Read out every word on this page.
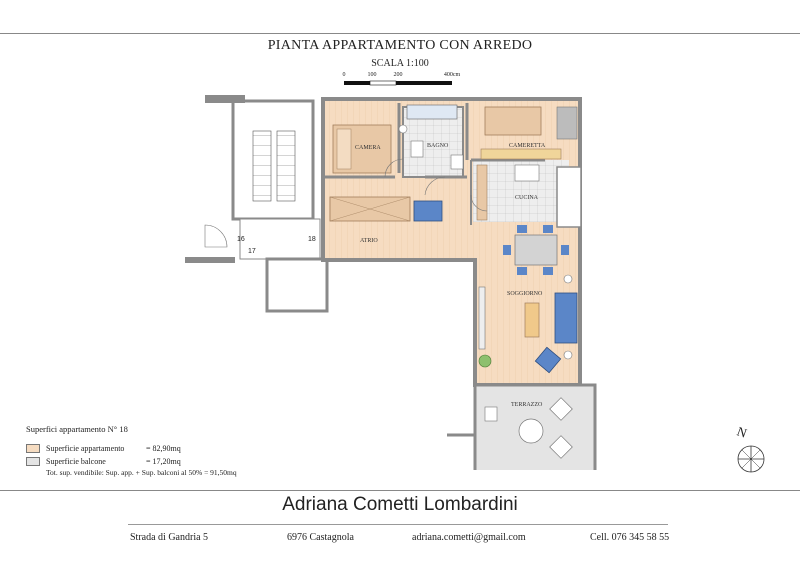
PIANTA APPARTAMENTO CON ARREDO
SCALA 1:100
0	100	200	400cm
CAMERA	BAGNO	CAMERETTA
CUCINA
ATRIO
SOGGIORNO
TERRAZZO
16
17
18
Superfici appartamento N° 18
Superficie appartamento	= 82,90mq
Superficie balcone	= 17,20mq
Tot. sup. vendibile: Sup. app. + Sup. balconi al 50% = 91,50mq
N
Adriana Cometti Lombardini
Strada di Gandria 5	6976 Castagnola	adriana.cometti@gmail.com	Cell. 076 345 58 55
